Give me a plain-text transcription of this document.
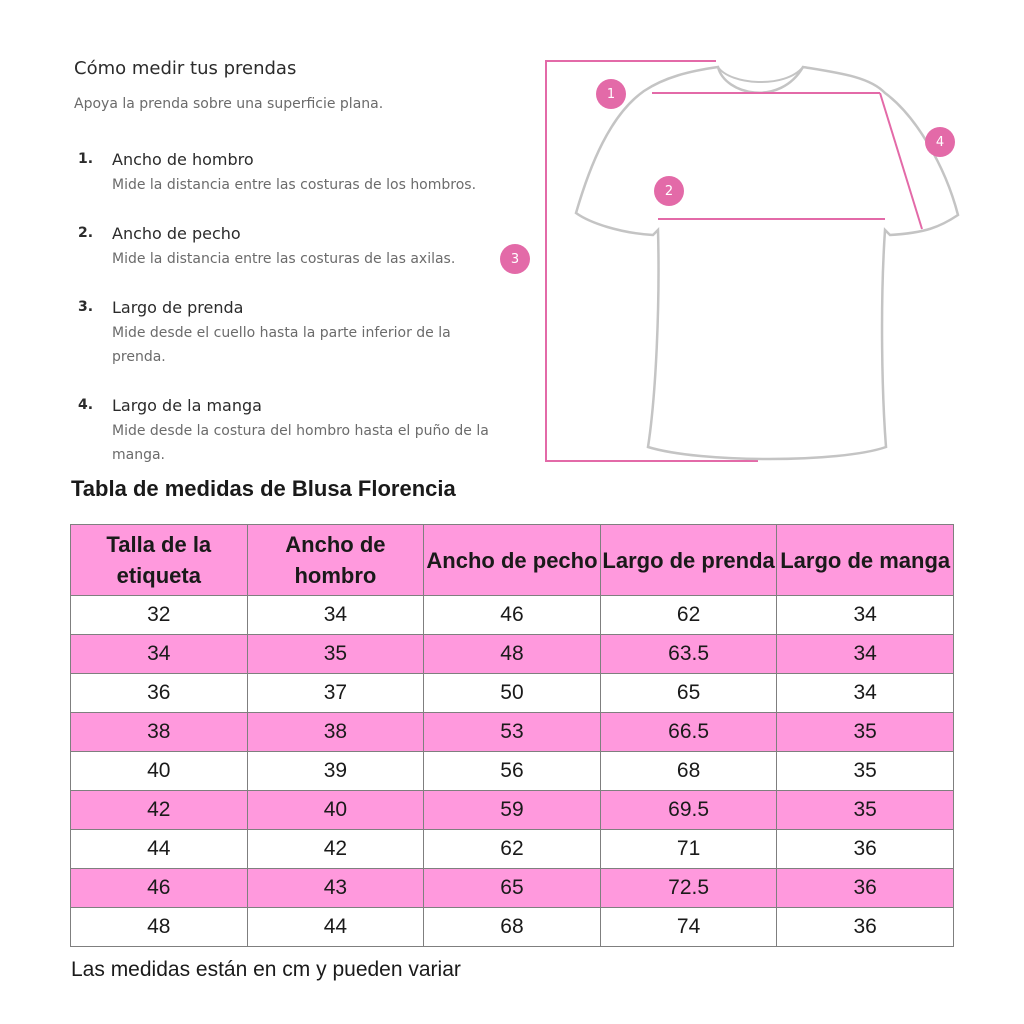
Cómo medir tus prendas
Apoya la prenda sobre una superficie plana.
1. Ancho de hombro
Mide la distancia entre las costuras de los hombros.
2. Ancho de pecho
Mide la distancia entre las costuras de las axilas.
3. Largo de prenda
Mide desde el cuello hasta la parte inferior de la prenda.
4. Largo de la manga
Mide desde la costura del hombro hasta el puño de la manga.
3
1
2
4
Tabla de medidas de Blusa Florencia
Talla de la etiqueta	Ancho de hombro	Ancho de pecho	Largo de prenda	Largo de manga
32	34	46	62	34
34	35	48	63.5	34
36	37	50	65	34
38	38	53	66.5	35
40	39	56	68	35
42	40	59	69.5	35
44	42	62	71	36
46	43	65	72.5	36
48	44	68	74	36
Las medidas están en cm y pueden variar
